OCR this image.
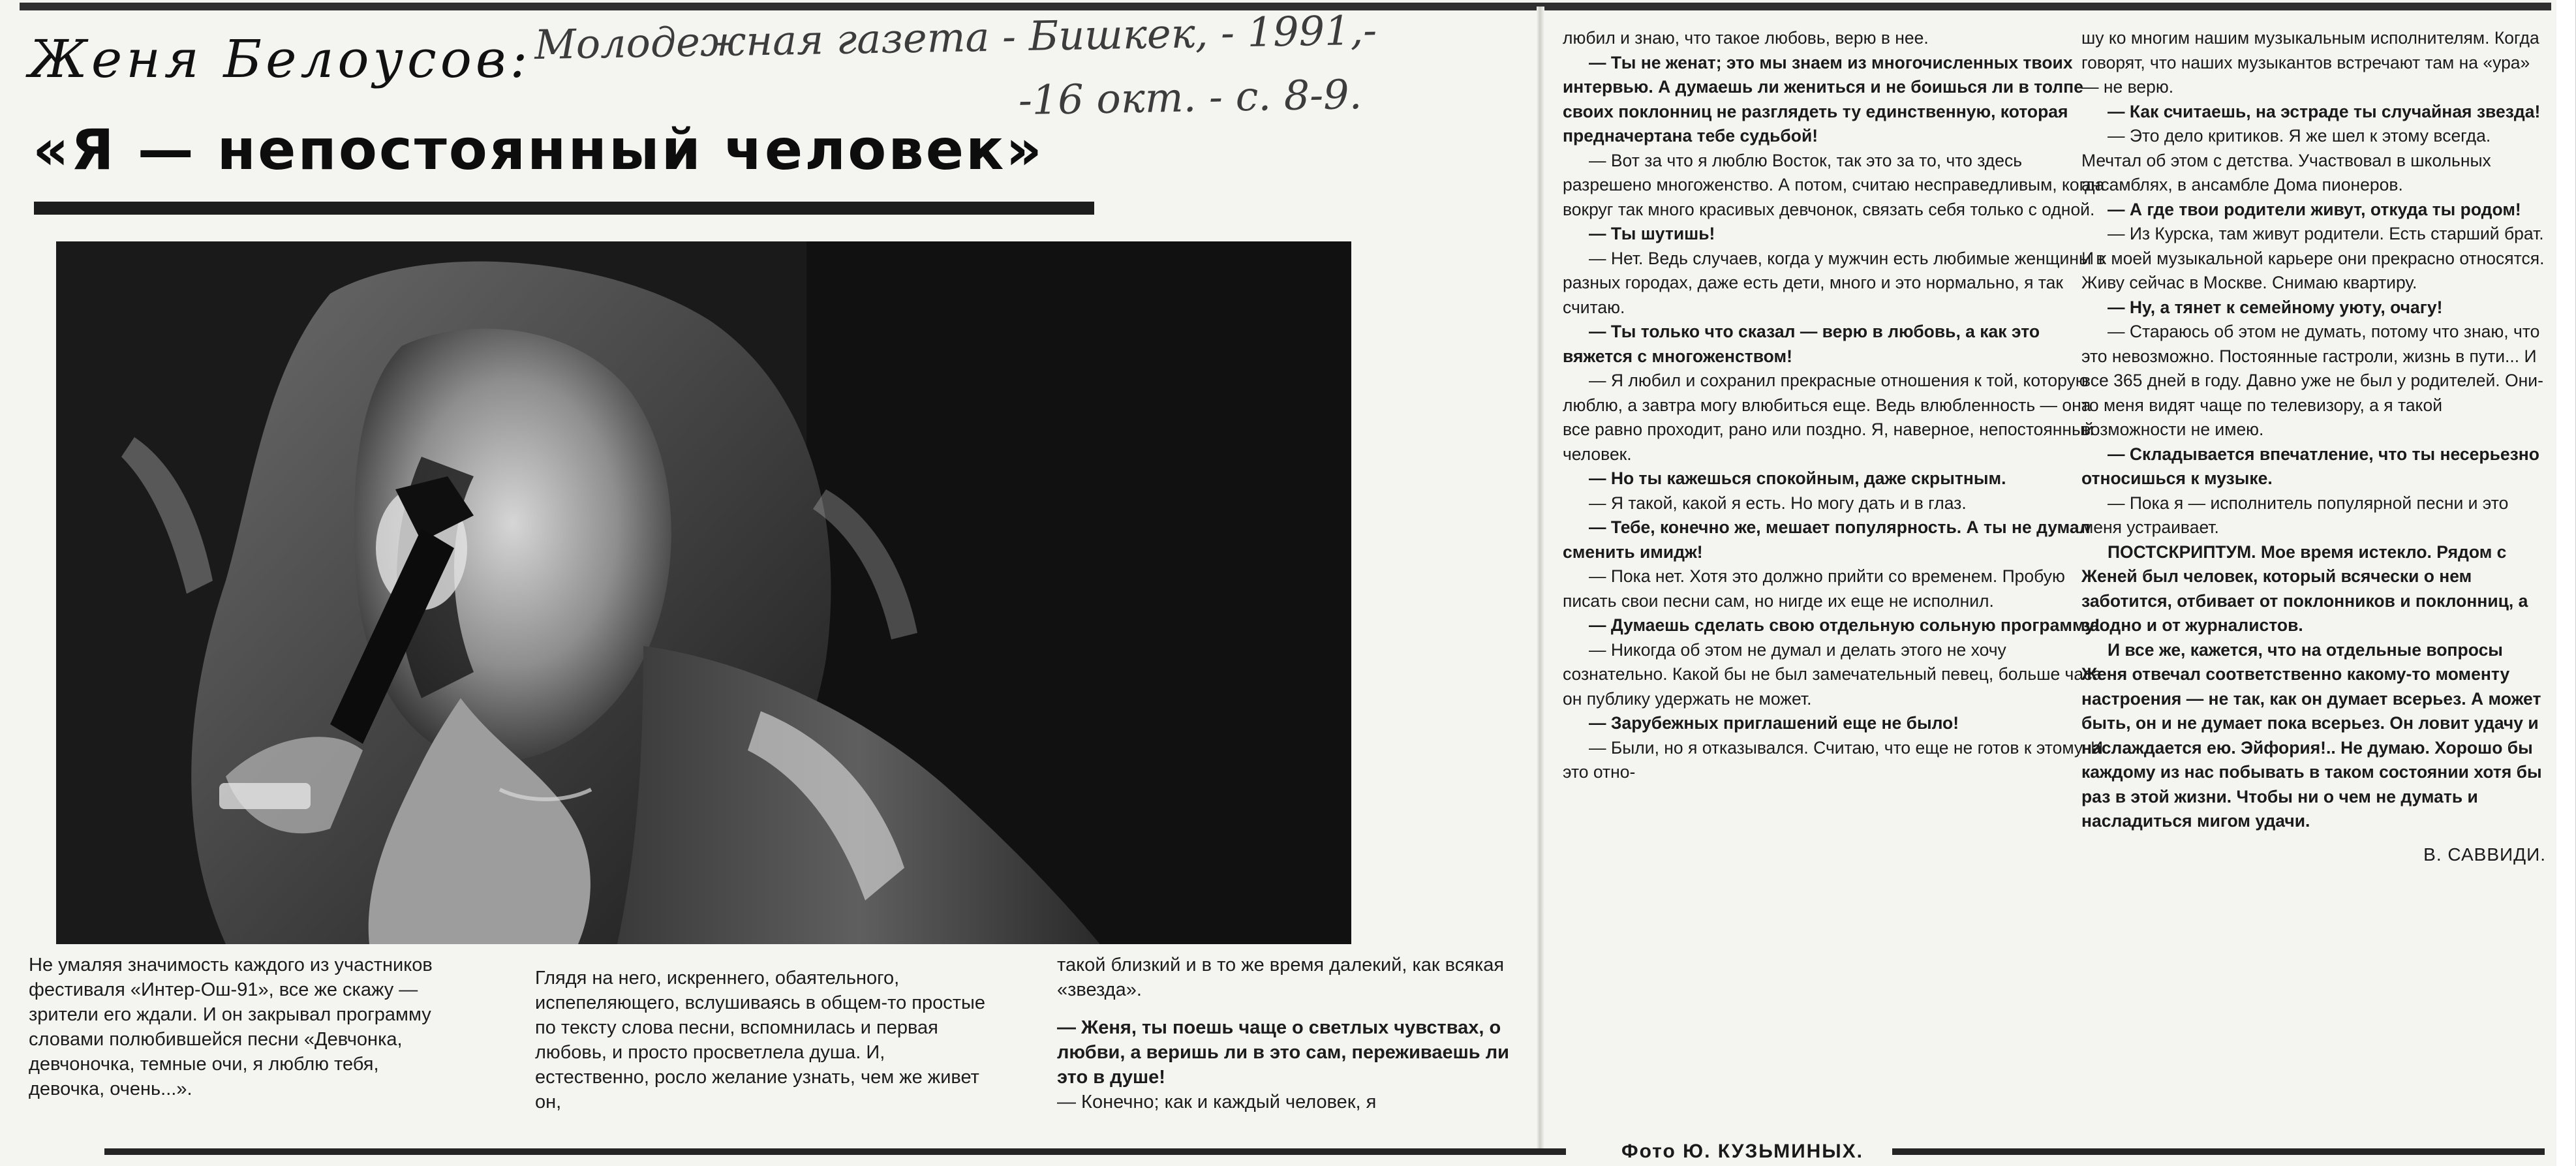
Женя Белоусов: Молодежная газета - Бишкек, - 1991,-
-16 окт. - с. 8-9.

«Я — непостоянный человек»

Не умаляя значимость каждого из участников фестиваля «Интер-Ош-91», все же скажу — зрители его ждали. И он закрывал программу словами полюбившейся песни «Девчонка, девчоночка, темные очи, я люблю тебя, девочка, очень...».

Глядя на него, искреннего, обаятельного, испепеляющего, вслушиваясь в общем-то простые по тексту слова песни, вспомнилась и первая любовь, и просто просветлела душа. И, естественно, росло желание узнать, чем же живет он,

такой близкий и в то же время далекий, как всякая «звезда».
— Женя, ты поешь чаще о светлых чувствах, о любви, а веришь ли в это сам, переживаешь ли это в душе!
— Конечно; как и каждый человек, я

Фото Ю. КУЗЬМИНЫХ.

любил и знаю, что такое любовь, верю в нее.

— Ты не женат; это мы знаем из многочисленных твоих интервью. А думаешь ли жениться и не боишься ли в толпе своих поклонниц не разглядеть ту единственную, которая предначертана тебе судьбой!

— Вот за что я люблю Восток, так это за то, что здесь разрешено многоженство. А потом, считаю несправедливым, когда вокруг так много красивых девчонок, связать себя только с одной.

— Ты шутишь!

— Нет. Ведь случаев, когда у мужчин есть любимые женщины в разных городах, даже есть дети, много и это нормально, я так считаю.

— Ты только что сказал — верю в любовь, а как это вяжется с многоженством!

— Я любил и сохранил прекрасные отношения к той, которую люблю, а завтра могу влюбиться еще. Ведь влюбленность — она все равно проходит, рано или поздно. Я, наверное, непостоянный человек.

— Но ты кажешься спокойным, даже скрытным.

— Я такой, какой я есть. Но могу дать и в глаз.

— Тебе, конечно же, мешает популярность. А ты не думал сменить имидж!

— Пока нет. Хотя это должно прийти со временем. Пробую писать свои песни сам, но нигде их еще не исполнил.

— Думаешь сделать свою отдельную сольную программу!

— Никогда об этом не думал и делать этого не хочу сознательно. Какой бы не был замечательный певец, больше часа он публику удержать не может.

— Зарубежных приглашений еще не было!

— Были, но я отказывался. Считаю, что еще не готов к этому. И это отно-

шу ко многим нашим музыкальным исполнителям. Когда говорят, что наших музыкантов встречают там на «ура» — не верю.

— Как считаешь, на эстраде ты случайная звезда!

— Это дело критиков. Я же шел к этому всегда. Мечтал об этом с детства. Участвовал в школьных ансамблях, в ансамбле Дома пионеров.

— А где твои родители живут, откуда ты родом!

— Из Курска, там живут родители. Есть старший брат. И к моей музыкальной карьере они прекрасно относятся. Живу сейчас в Москве. Снимаю квартиру.

— Ну, а тянет к семейному уюту, очагу!

— Стараюсь об этом не думать, потому что знаю, что это невозможно. Постоянные гастроли, жизнь в пути... И все 365 дней в году. Давно уже не был у родителей. Они-то меня видят чаще по телевизору, а я такой возможности не имею.

— Складывается впечатление, что ты несерьезно относишься к музыке.

— Пока я — исполнитель популярной песни и это меня устраивает.

ПОСТСКРИПТУМ. Мое время истекло. Рядом с Женей был человек, который всячески о нем заботится, отбивает от поклонников и поклонниц, а заодно и от журналистов.

И все же, кажется, что на отдельные вопросы Женя отвечал соответственно какому-то моменту настроения — не так, как он думает всерьез. А может быть, он и не думает пока всерьез. Он ловит удачу и наслаждается ею. Эйфория!.. Не думаю. Хорошо бы каждому из нас побывать в таком состоянии хотя бы раз в этой жизни. Чтобы ни о чем не думать и насладиться мигом удачи.

В. САВВИДИ.
